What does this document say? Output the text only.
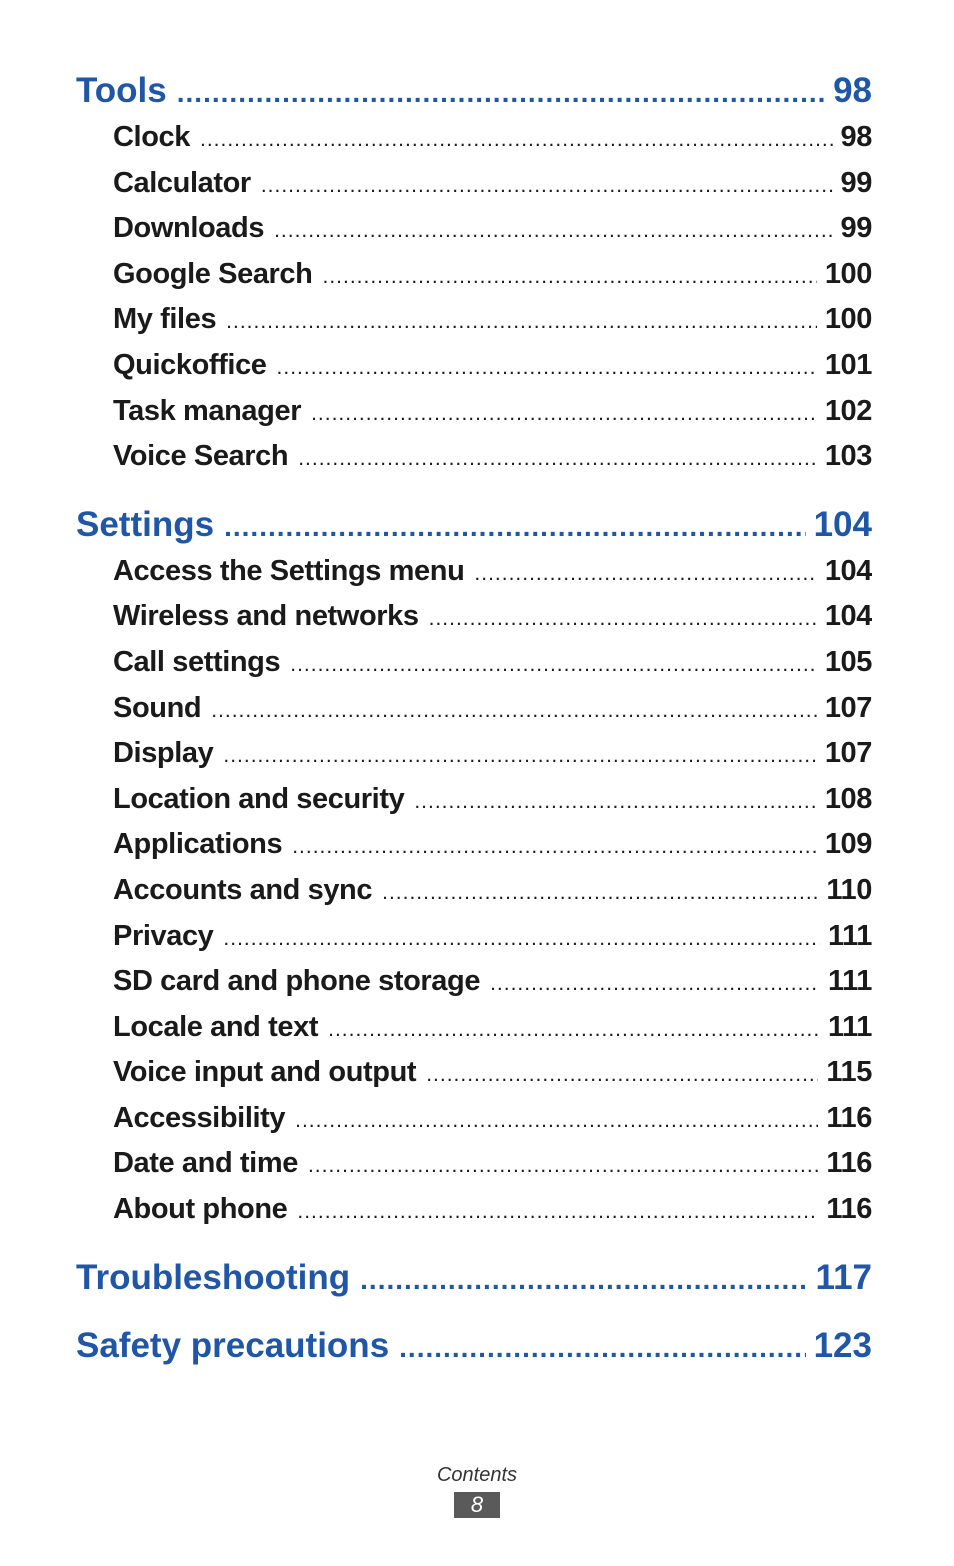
Tools .....	98
Clock .....	98
Calculator .....	99
Downloads .....	99
Google Search .....	100
My files .....	100
Quickoffice .....	101
Task manager .....	102
Voice Search .....	103
Settings .....	104
Access the Settings menu .....	104
Wireless and networks .....	104
Call settings .....	105
Sound .....	107
Display .....	107
Location and security .....	108
Applications .....	109
Accounts and sync .....	110
Privacy .....	111
SD card and phone storage .....	111
Locale and text .....	111
Voice input and output .....	115
Accessibility .....	116
Date and time .....	116
About phone .....	116
Troubleshooting .....	117
Safety precautions .....	123
Contents
8
